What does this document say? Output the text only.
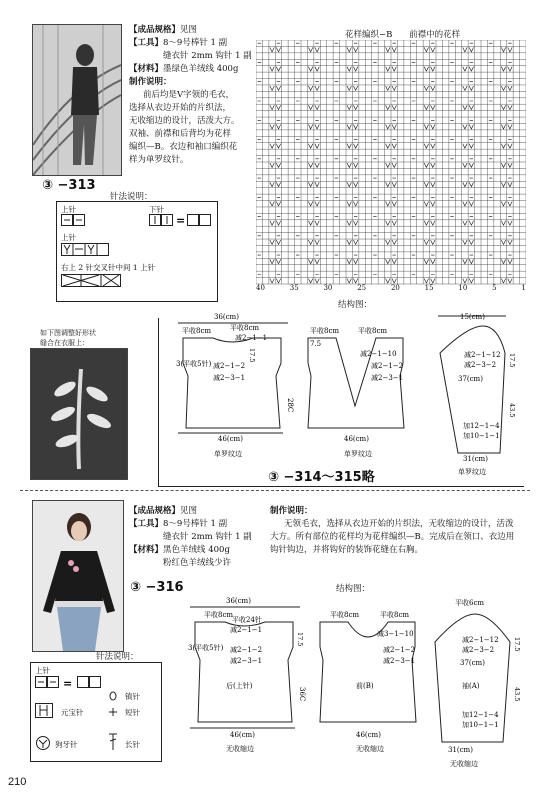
【成品规格】见图
【工具】8～9号棒针 1 副
缝衣针 2mm 钩针 1 副
【材料】墨绿色羊绒线 400g
制作说明：
前后均是V字领的毛衣，
选择从衣边开始的片织法，
无收缩边的设计，活泼大方。
双袖、前襟和后背均为花样
编织—B。衣边和袖口编织花
样为单罗纹针。
③ −313
针法说明：
上针	下针
=
上针
右上 2 针交叉针中间 1 上针
花样编织−B 前襟中的花样
40	35	30	25	20	15	10	5	1
如下图调整好形状
缝合在衣服上：
结构图：
36(cm)
平收8cm	平收8cm
减2−1−1
17.5
3(平收5针) 减2−1−2
减2−3−1
28C
46(cm)
单罗纹边
平收8cm	平收8cm
7.5
减2−1−10
减2−1−2
减2−3−1
46(cm)
单罗纹边
15(cm)
减2−1−12
减2−3−2
37(cm)
17.5
43.5
加12−1−4
加10−1−1
31(cm)
单罗纹边
③ −314～315略
【成品规格】见图
【工具】8～9号棒针 1 副
缝衣针 2mm 钩针 1 副
【材料】黑色羊绒线 400g
粉红色羊绒线少许
③ −316
制作说明：
无领毛衣，选择从衣边开始的片织法，无收缩边的设计，活泼
大方。所有部位的花样均为花样编织—B。完成后在领口、衣边用
钩针钩边，并将钩好的装饰花缝在右胸。
结构图：
针法说明：
上针
=
元宝针
镇针
短针
狗牙针	长针
36(cm)
平收8cm
平收24针
减2−1−1
17.5
3(平收5针) 减2−1−2
减2−3−1
36C
后(上针)
46(cm)
无收缩边
平收8cm	平收8cm
减3−1−10
减2−1−2
减2−3−1
前(B)
46(cm)
无收缩边
平收6cm
减2−1−12
减2−3−2
37(cm)
袖(A)
17.5
43.5
加12−1−4
加10−1−1
31(cm)
无收缩边
210
